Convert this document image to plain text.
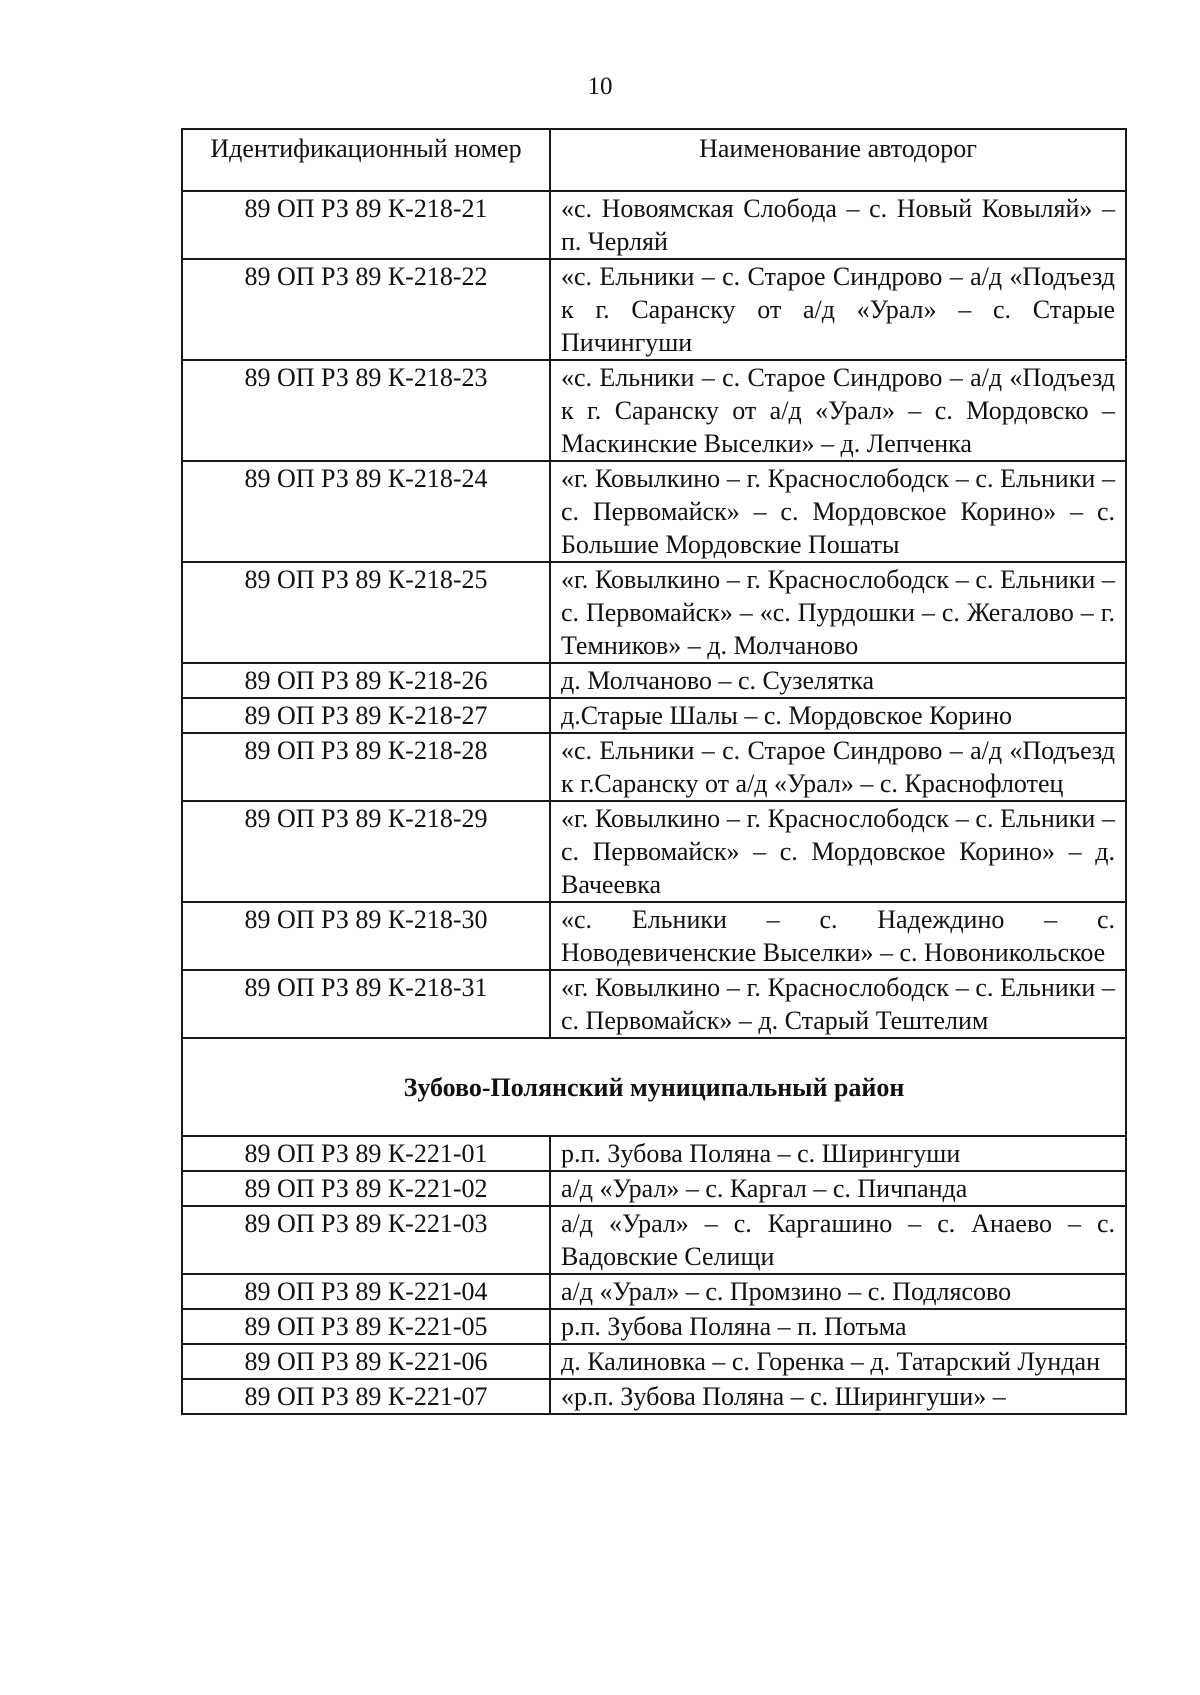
10
Идентификационный номер	Наименование автодорог
89 ОП РЗ 89 К-218-21	«с. Новоямская Слобода – с. Новый Ковыляй» – п. Черляй
89 ОП РЗ 89 К-218-22	«с. Ельники – с. Старое Синдрово – а/д «Подъезд к г. Саранску от а/д «Урал» – с. Старые Пичингуши
89 ОП РЗ 89 К-218-23	«с. Ельники – с. Старое Синдрово – а/д «Подъезд к г. Саранску от а/д «Урал» – с. Мордовско – Маскинские Выселки» – д. Лепченка
89 ОП РЗ 89 К-218-24	«г. Ковылкино – г. Краснослободск – с. Ельники – с. Первомайск» – с. Мордовское Корино» – с. Большие Мордовские Пошаты
89 ОП РЗ 89 К-218-25	«г. Ковылкино – г. Краснослободск – с. Ельники – с. Первомайск» – «с. Пурдошки – с. Жегалово – г. Темников» – д. Молчаново
89 ОП РЗ 89 К-218-26	д. Молчаново – с. Сузелятка
89 ОП РЗ 89 К-218-27	д.Старые Шалы – с. Мордовское Корино
89 ОП РЗ 89 К-218-28	«с. Ельники – с. Старое Синдрово – а/д «Подъезд к г.Саранску от а/д «Урал» – с. Краснофлотец
89 ОП РЗ 89 К-218-29	«г. Ковылкино – г. Краснослободск – с. Ельники – с. Первомайск» – с. Мордовское Корино» – д. Вачеевка
89 ОП РЗ 89 К-218-30	«с. Ельники – с. Надеждино – с. Новодевиченские Выселки» – с. Новоникольское
89 ОП РЗ 89 К-218-31	«г. Ковылкино – г. Краснослободск – с. Ельники – с. Первомайск» – д. Старый Тештелим
Зубово-Полянский муниципальный район	
89 ОП РЗ 89 К-221-01	р.п. Зубова Поляна – с. Ширингуши
89 ОП РЗ 89 К-221-02	а/д «Урал» – с. Каргал – с. Пичпанда
89 ОП РЗ 89 К-221-03	а/д «Урал» – с. Каргашино – с. Анаево – с. Вадовские Селищи
89 ОП РЗ 89 К-221-04	а/д «Урал» – с. Промзино – с. Подлясово
89 ОП РЗ 89 К-221-05	р.п. Зубова Поляна – п. Потьма
89 ОП РЗ 89 К-221-06	д. Калиновка – с. Горенка – д. Татарский Лундан
89 ОП РЗ 89 К-221-07	«р.п. Зубова Поляна – с. Ширингуши» –
